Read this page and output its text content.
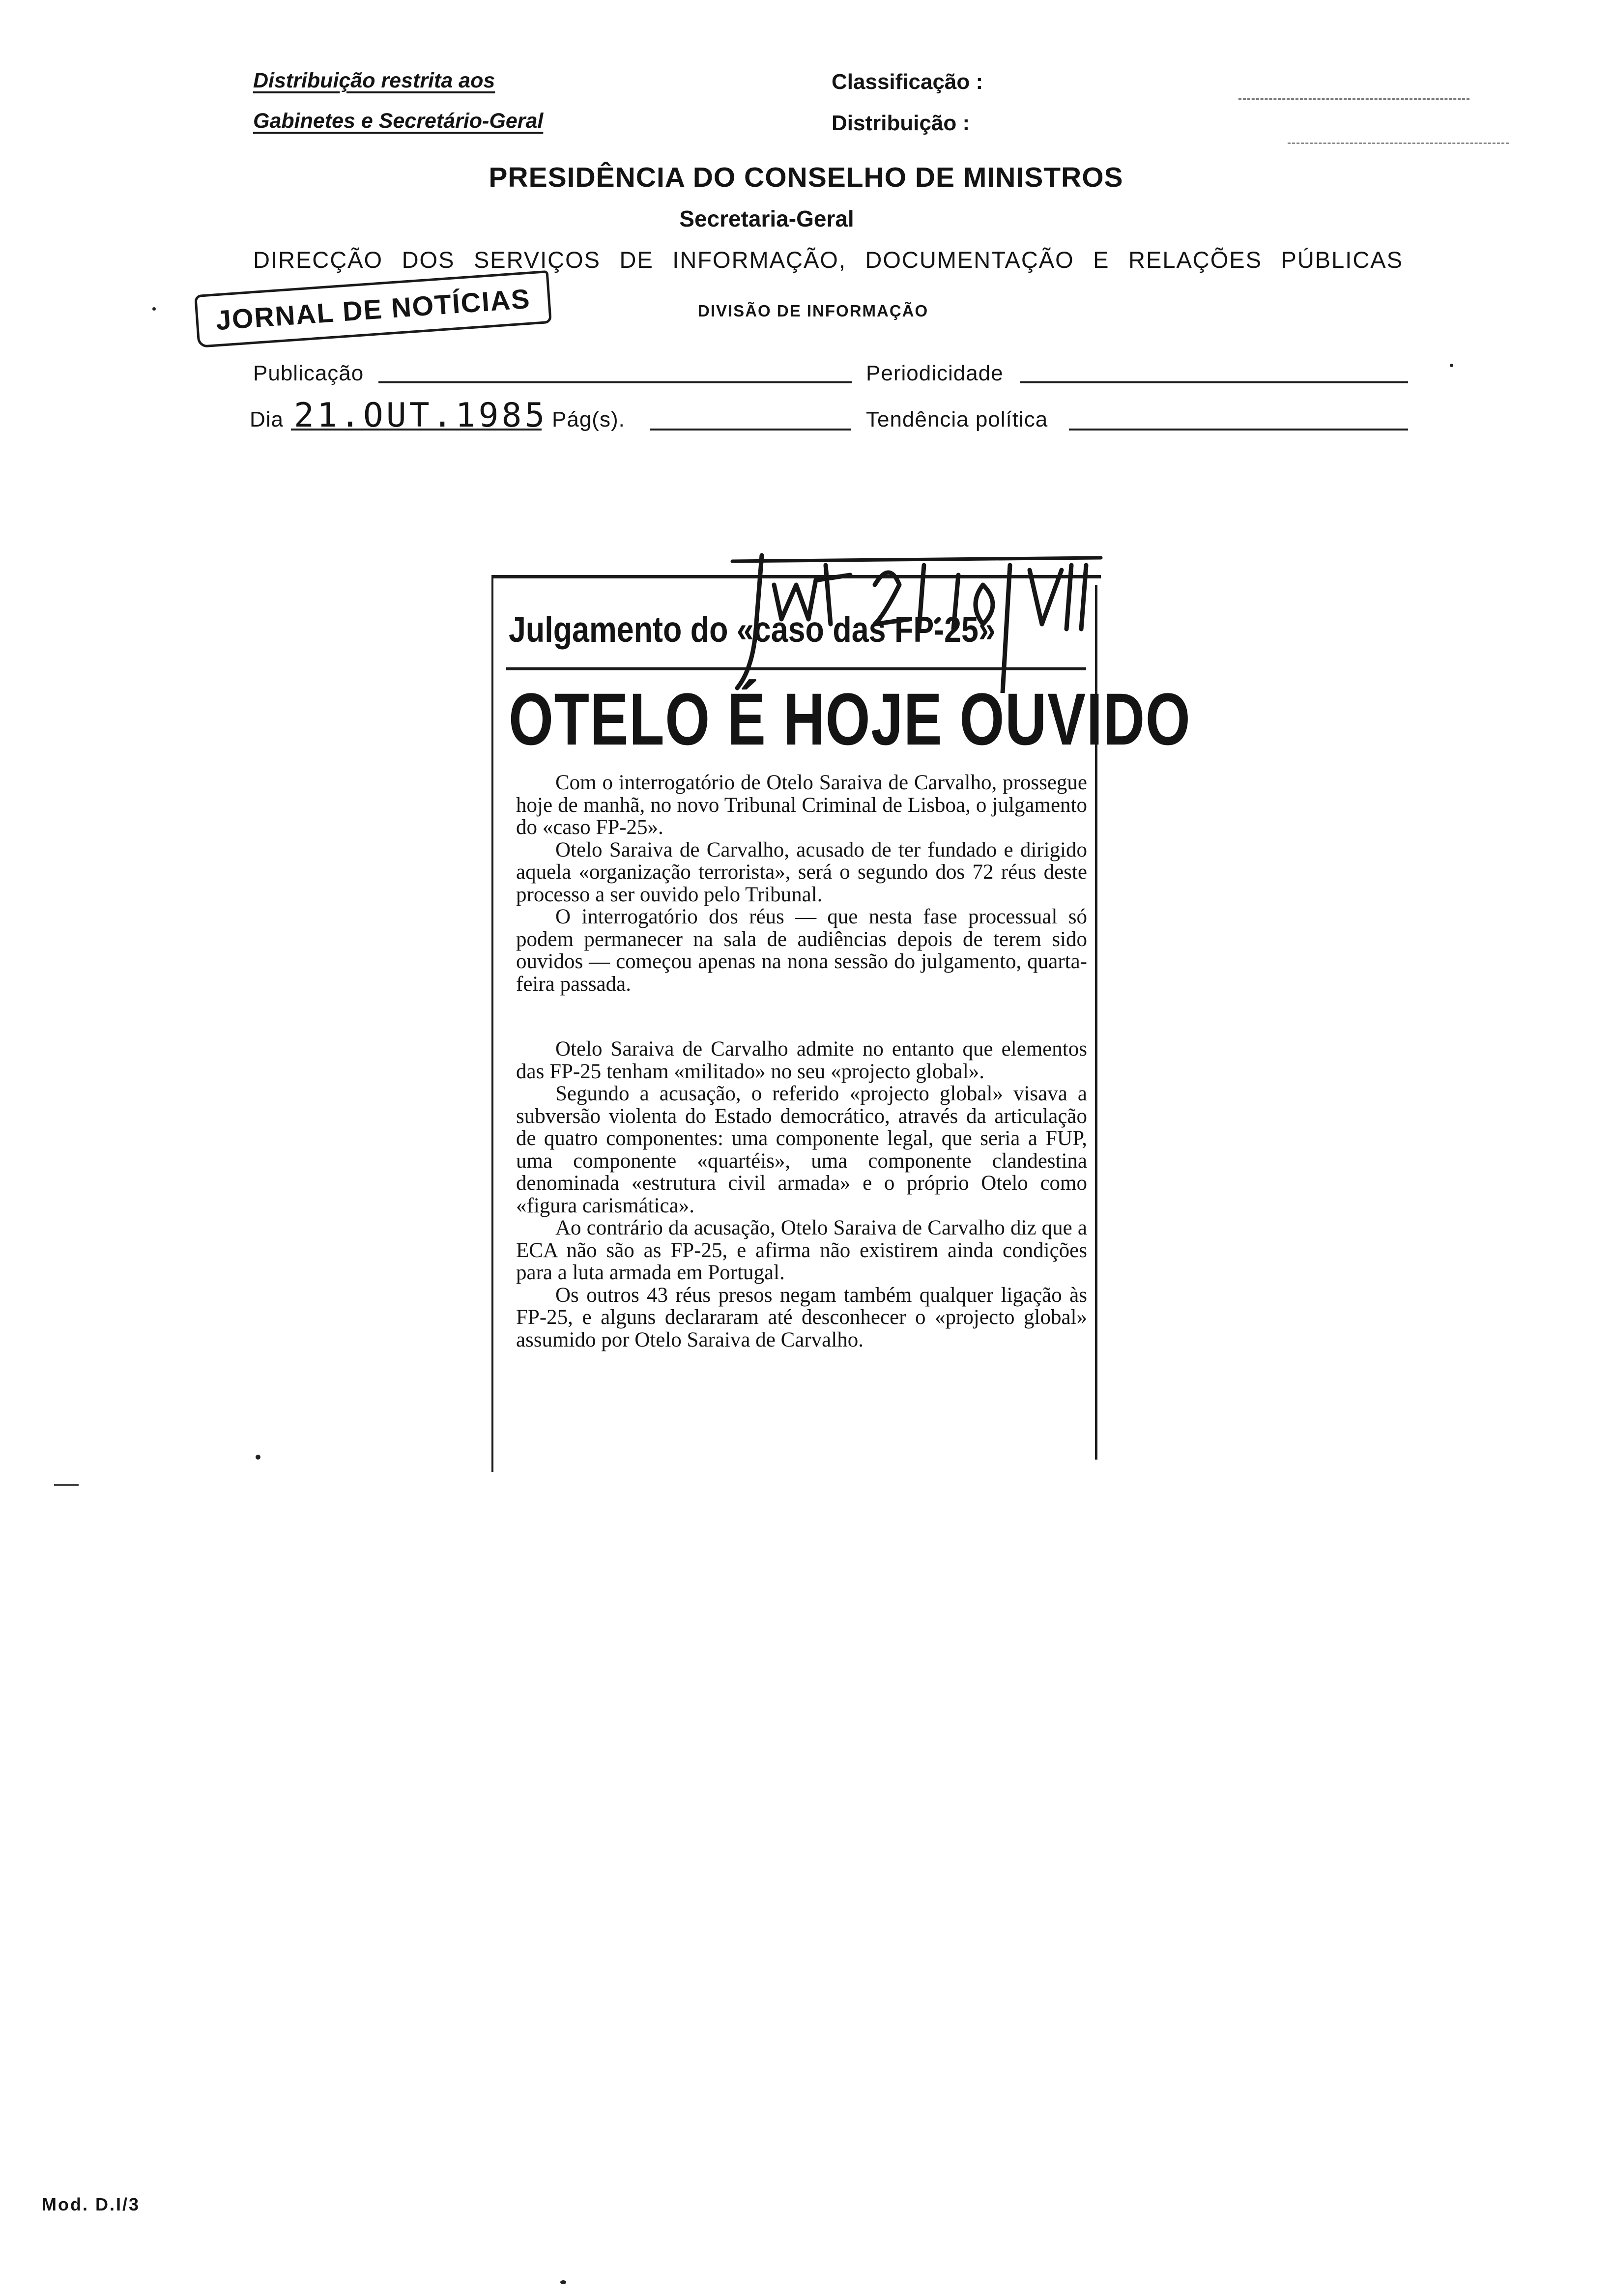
Distribuição restrita aos
Gabinetes e Secretário-Geral
Classificação :
Distribuição :
PRESIDÊNCIA DO CONSELHO DE MINISTROS
Secretaria-Geral
DIRECÇÃO DOS SERVIÇOS DE INFORMAÇÃO, DOCUMENTAÇÃO E RELAÇÕES PÚBLICAS
JORNAL DE NOTÍCIAS	DIVISÃO DE INFORMAÇÃO
Publicação	Periodicidade
Dia 21.OUT.1985 Pág(s).	Tendência política
Julgamento do «caso das FP-25»
OTELO É HOJE OUVIDO

Com o interrogatório de Otelo Saraiva de Carvalho, prossegue hoje de manhã, no novo Tribunal Criminal de Lisboa, o julgamento do «caso FP-25».

Otelo Saraiva de Carvalho, acusado de ter fundado e dirigido aquela «organização terrorista», será o segundo dos 72 réus deste processo a ser ouvido pelo Tribunal.

O interrogatório dos réus — que nesta fase processual só podem permanecer na sala de audiências depois de terem sido ouvidos — começou apenas na nona sessão do julgamento, quarta-feira passada.

Otelo Saraiva de Carvalho admite no entanto que elementos das FP-25 tenham «militado» no seu «projecto global».

Segundo a acusação, o referido «projecto global» visava a subversão violenta do Estado democrático, através da articulação de quatro componentes: uma componente legal, que seria a FUP, uma componente «quartéis», uma componente clandestina denominada «estrutura civil armada» e o próprio Otelo como «figura carismática».

Ao contrário da acusação, Otelo Saraiva de Carvalho diz que a ECA não são as FP-25, e afirma não existirem ainda condições para a luta armada em Portugal.

Os outros 43 réus presos negam também qualquer ligação às FP-25, e alguns declararam até desconhecer o «projecto global» assumido por Otelo Saraiva de Carvalho.

Mod. D.I/3
